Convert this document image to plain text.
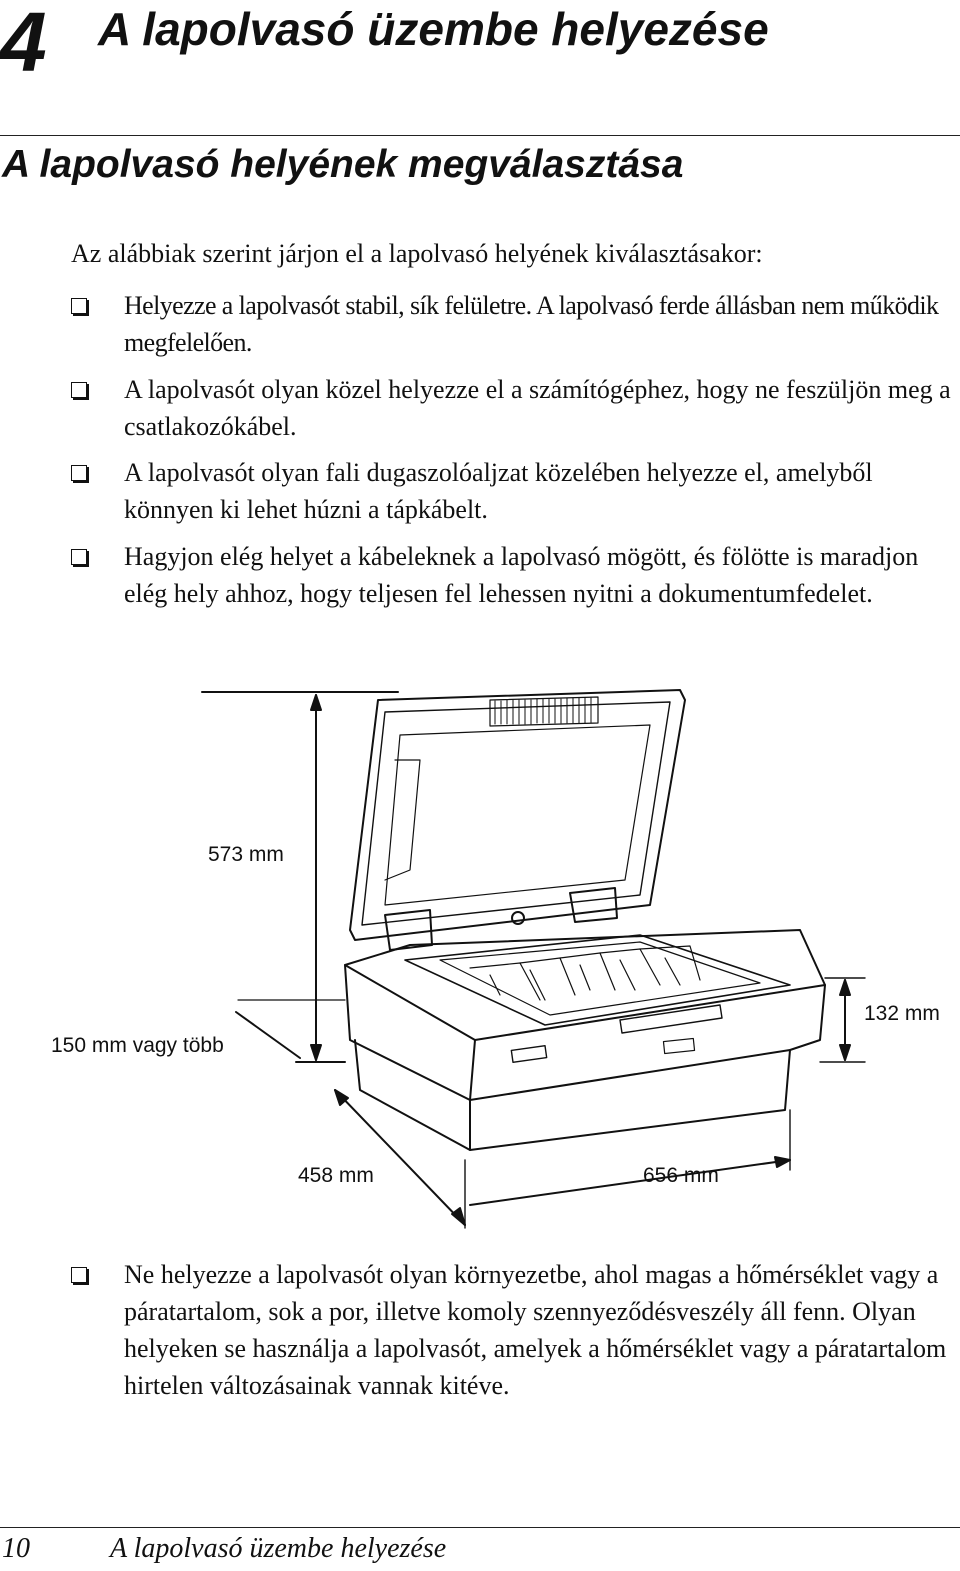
4 A lapolvasó üzembe helyezése
A lapolvasó helyének megválasztása
Az alábbiak szerint járjon el a lapolvasó helyének kiválasztásakor:
Helyezze a lapolvasót stabil, sík felületre. A lapolvasó ferde állásban nem működik megfelelően.
A lapolvasót olyan közel helyezze el a számítógéphez, hogy ne feszüljön meg a csatlakozókábel.
A lapolvasót olyan fali dugaszolóaljzat közelében helyezze el, amelyből könnyen ki lehet húzni a tápkábelt.
Hagyjon elég helyet a kábeleknek a lapolvasó mögött, és fölötte is maradjon elég hely ahhoz, hogy teljesen fel lehessen nyitni a dokumentumfedelet.
573 mm
150 mm vagy több
132 mm
458 mm	656 mm
Ne helyezze a lapolvasót olyan környezetbe, ahol magas a hőmérséklet vagy a páratartalom, sok a por, illetve komoly szennyeződésveszély áll fenn. Olyan helyeken se használja a lapolvasót, amelyek a hőmérséklet vagy a páratartalom hirtelen változásainak vannak kitéve.
10	A lapolvasó üzembe helyezése
